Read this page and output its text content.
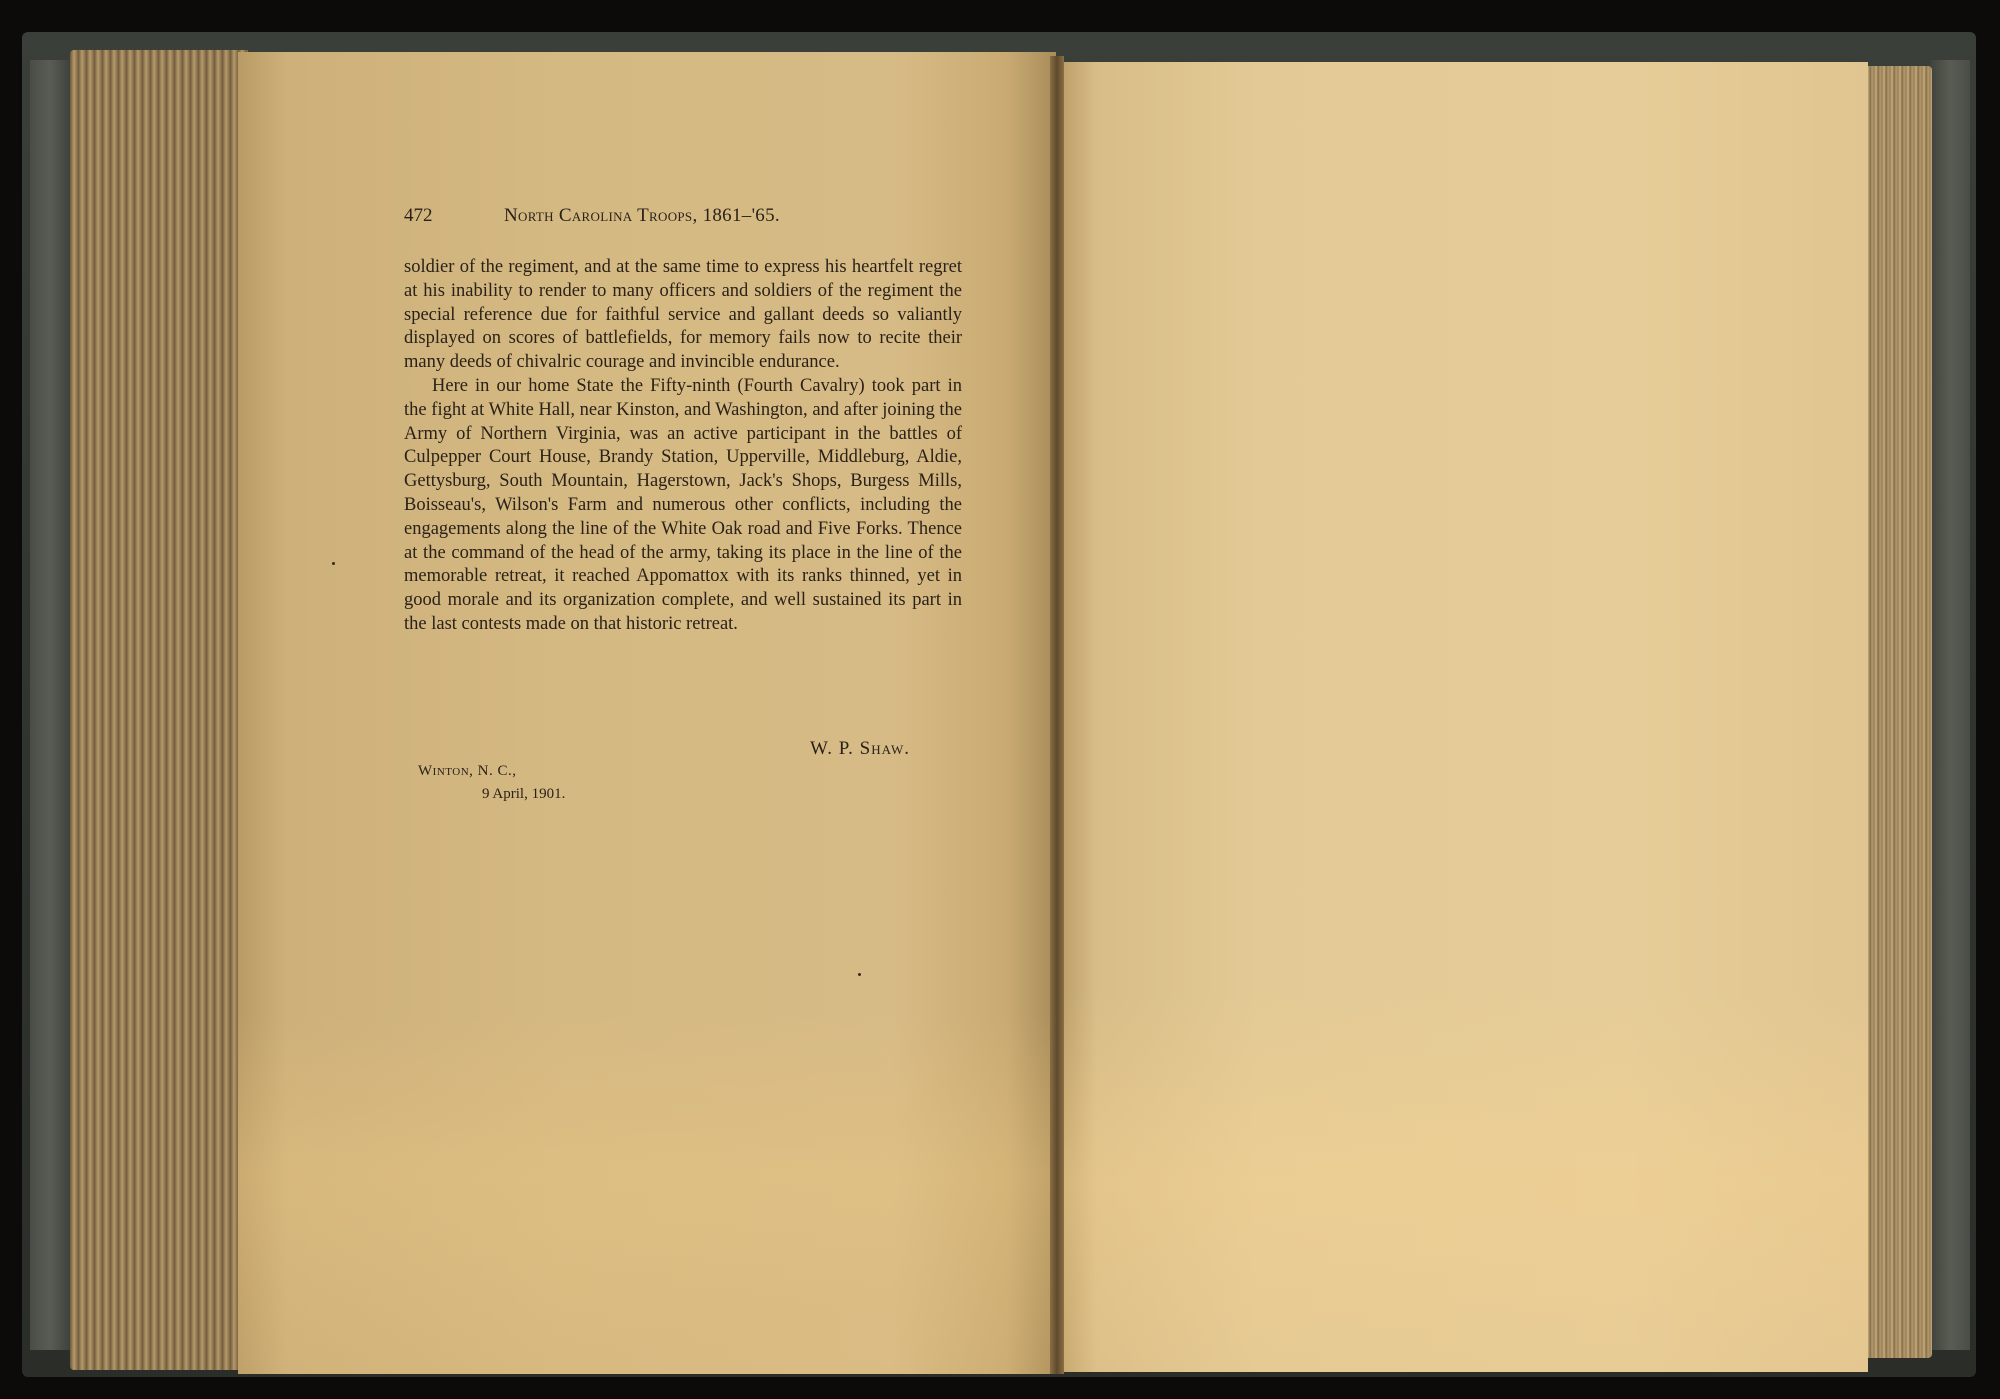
472	North Carolina Troops, 1861–'65.

soldier of the regiment, and at the same time to express his heartfelt regret at his inability to render to many officers and soldiers of the regiment the special reference due for faithful service and gallant deeds so valiantly displayed on scores of battlefields, for memory fails now to recite their many deeds of chivalric courage and invincible endurance.

Here in our home State the Fifty-ninth (Fourth Cavalry) took part in the fight at White Hall, near Kinston, and Washington, and after joining the Army of Northern Virginia, was an active participant in the battles of Culpepper Court House, Brandy Station, Upperville, Middleburg, Aldie, Gettysburg, South Mountain, Hagerstown, Jack's Shops, Burgess Mills, Boisseau's, Wilson's Farm and numerous other conflicts, including the engagements along the line of the White Oak road and Five Forks. Thence at the command of the head of the army, taking its place in the line of the memorable retreat, it reached Appomattox with its ranks thinned, yet in good morale and its organization complete, and well sustained its part in the last contests made on that historic retreat.

W. P. Shaw.
Winton, N. C.,
9 April, 1901.
